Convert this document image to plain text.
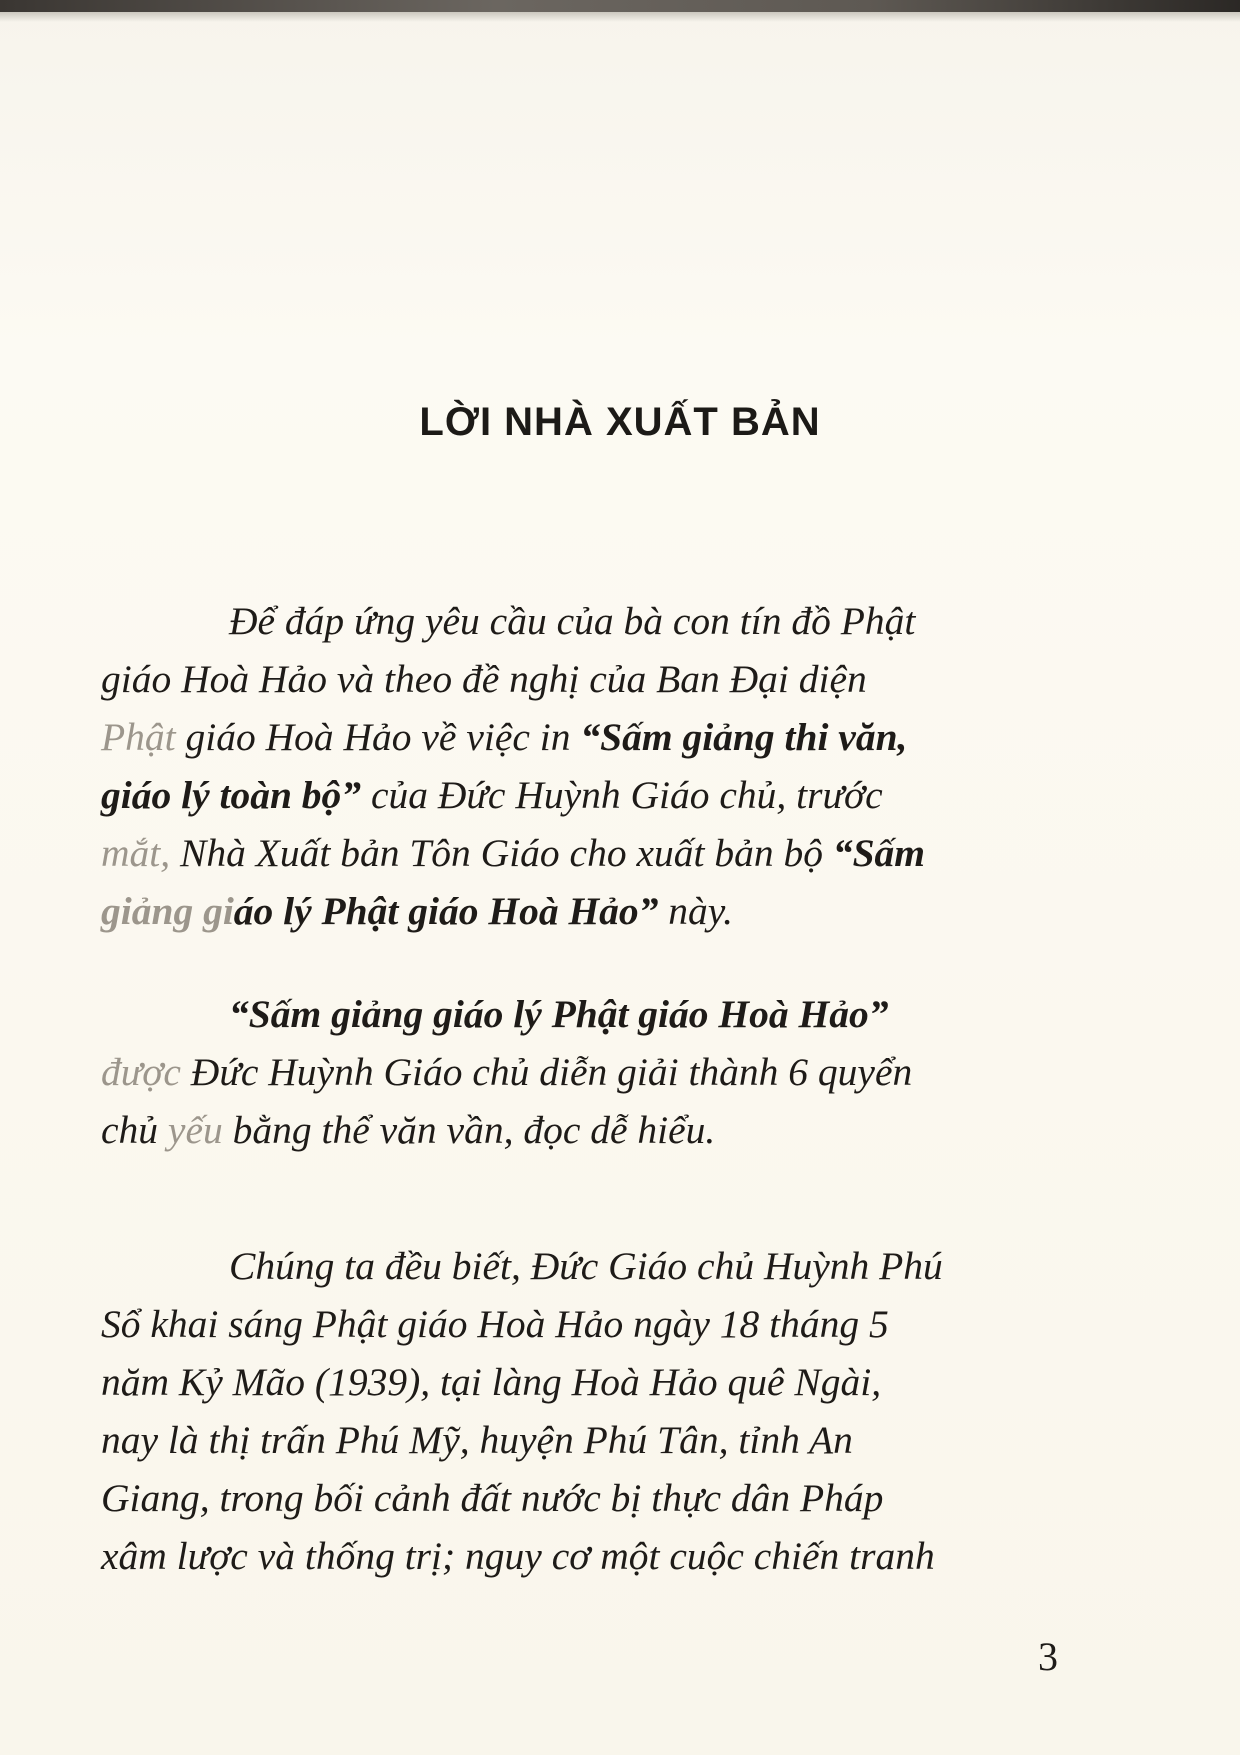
LỜI NHÀ XUẤT BẢN
Để đáp ứng yêu cầu của bà con tín đồ Phật
giáo Hoà Hảo và theo đề nghị của Ban Đại diện
Phật giáo Hoà Hảo về việc in “Sấm giảng thi văn,
giáo lý toàn bộ” của Đức Huỳnh Giáo chủ, trước
mắt, Nhà Xuất bản Tôn Giáo cho xuất bản bộ “Sấm
giảng giáo lý Phật giáo Hoà Hảo” này.
“Sấm giảng giáo lý Phật giáo Hoà Hảo”
được Đức Huỳnh Giáo chủ diễn giải thành 6 quyển
chủ yếu bằng thể văn vần, đọc dễ hiểu.
Chúng ta đều biết, Đức Giáo chủ Huỳnh Phú
Sổ khai sáng Phật giáo Hoà Hảo ngày 18 tháng 5
năm Kỷ Mão (1939), tại làng Hoà Hảo quê Ngài,
nay là thị trấn Phú Mỹ, huyện Phú Tân, tỉnh An
Giang, trong bối cảnh đất nước bị thực dân Pháp
xâm lược và thống trị; nguy cơ một cuộc chiến tranh
3
